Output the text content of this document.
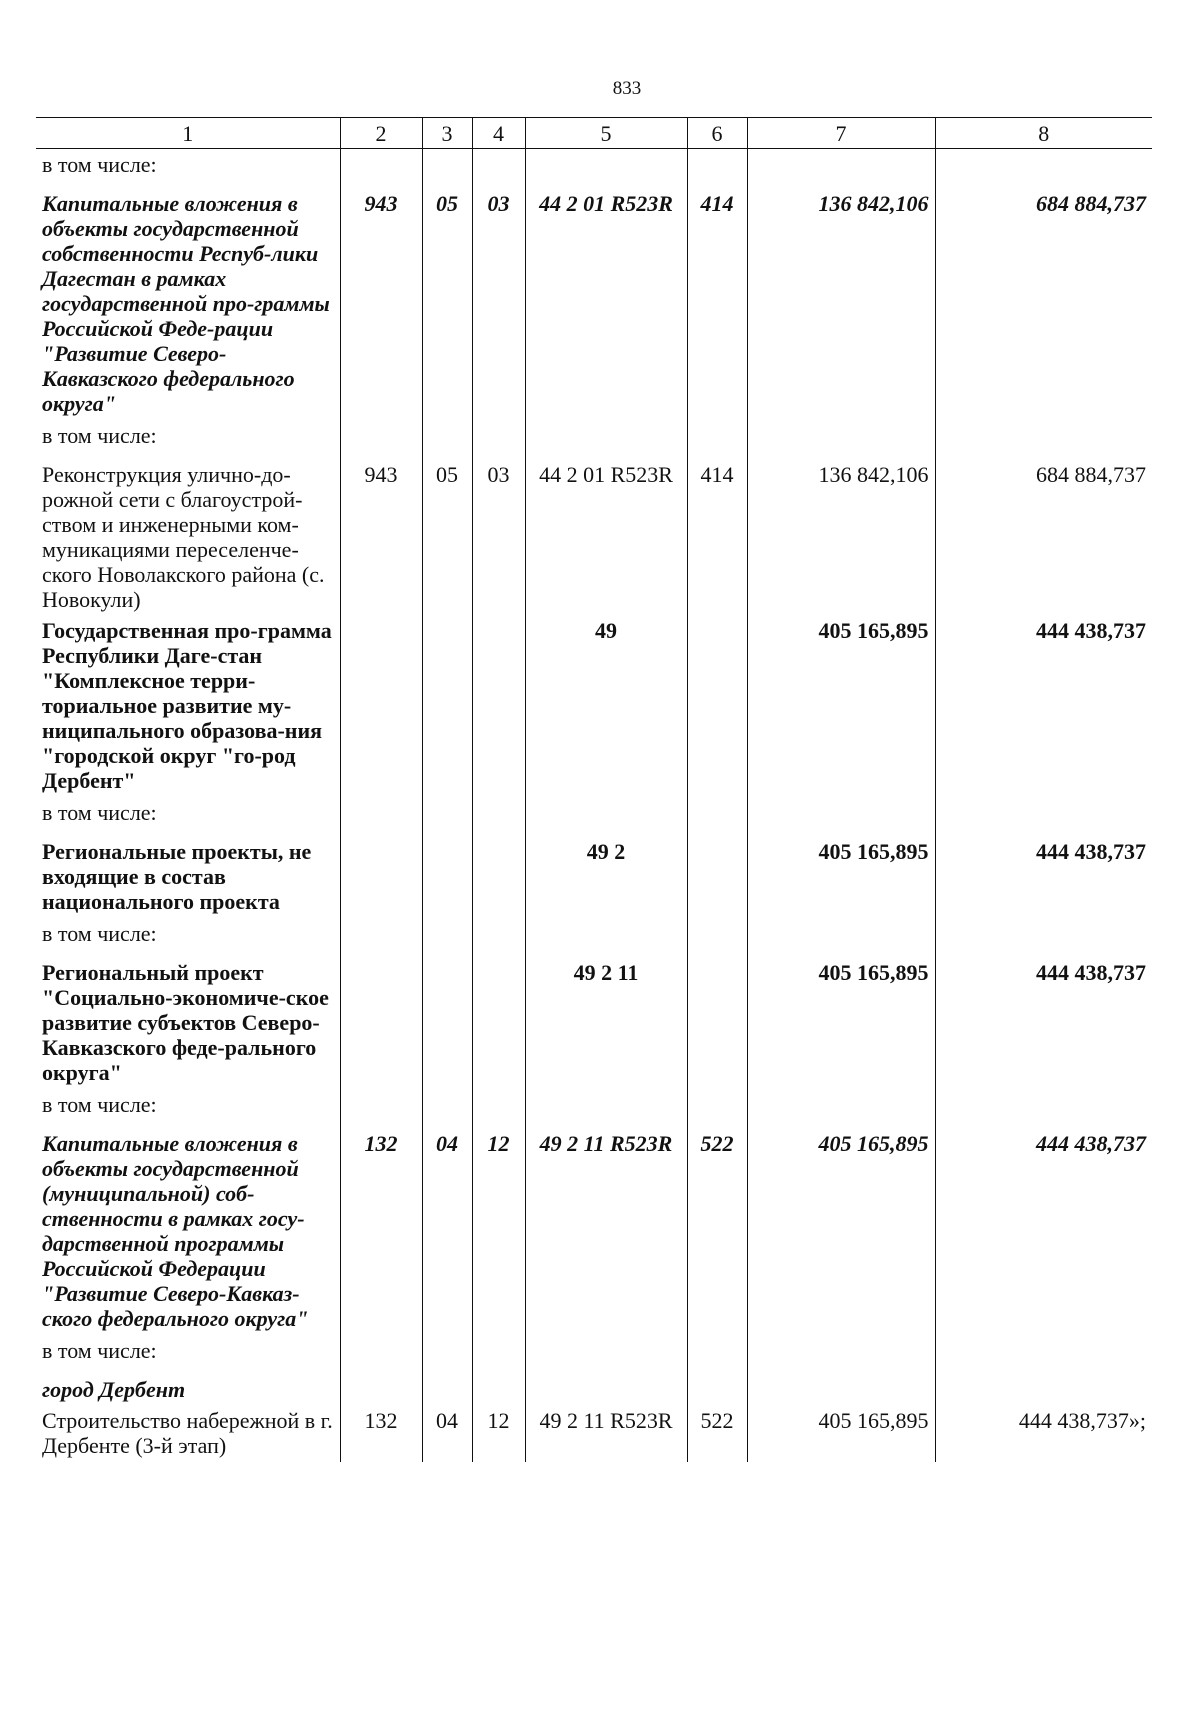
833
1	2	3	4	5	6	7	8
в том числе:							
Капитальные вложения в объекты государственной собственности Респуб-лики Дагестан в рамках государственной про-граммы Российской Феде-рации "Развитие Северо-Кавказского федерального округа"	943	05	03	44 2 01 R523R	414	136 842,106	684 884,737
в том числе:							
Реконструкция улично-до-рожной сети с благоустрой-ством и инженерными ком-муникациями переселенче-ского Новолакского района (с. Новокули)	943	05	03	44 2 01 R523R	414	136 842,106	684 884,737
Государственная про-грамма Республики Даге-стан "Комплексное терри-ториальное развитие му-ниципального образова-ния "городской округ "го-род Дербент"				49		405 165,895	444 438,737
в том числе:							
Региональные проекты, не входящие в состав национального проекта				49 2		405 165,895	444 438,737
в том числе:							
Региональный проект "Социально-экономиче-ское развитие субъектов Северо-Кавказского феде-рального округа"				49 2 11		405 165,895	444 438,737
в том числе:							
Капитальные вложения в объекты государственной (муниципальной) соб-ственности в рамках госу-дарственной программы Российской Федерации "Развитие Северо-Кавказ-ского федерального округа"	132	04	12	49 2 11 R523R	522	405 165,895	444 438,737
в том числе:							
город Дербент							
Строительство набережной в г. Дербенте (3-й этап)	132	04	12	49 2 11 R523R	522	405 165,895	444 438,737»;
